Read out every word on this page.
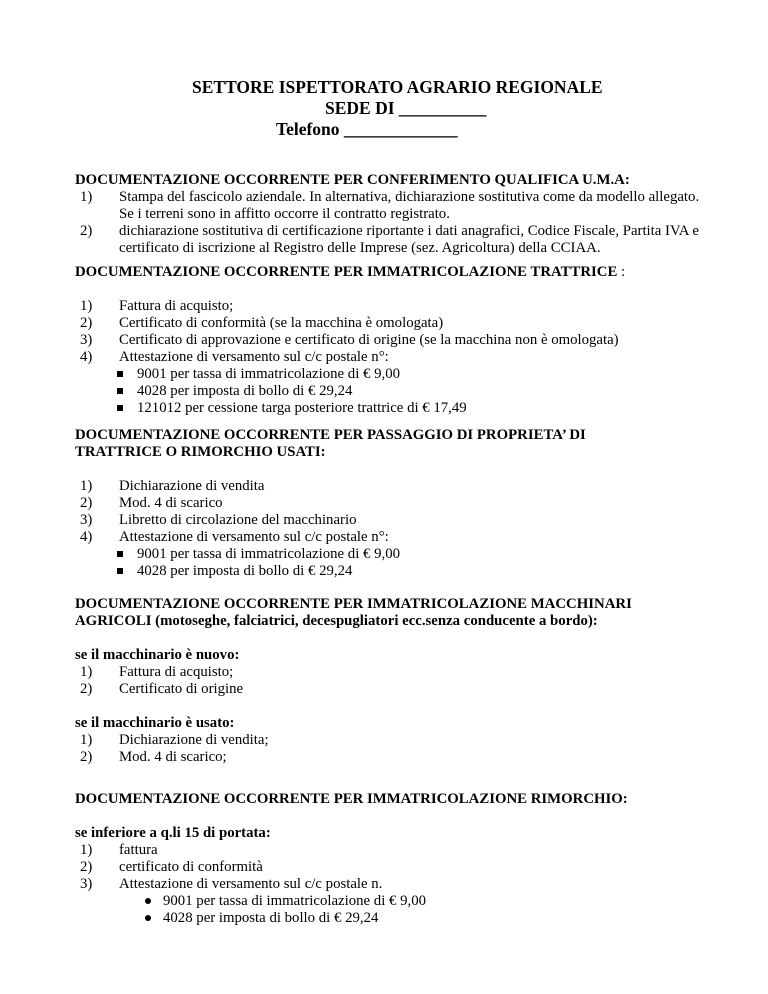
SETTORE ISPETTORATO AGRARIO REGIONALE
SEDE DI __________
Telefono _____________
DOCUMENTAZIONE OCCORRENTE PER CONFERIMENTO QUALIFICA U.M.A:
1) Stampa del fascicolo aziendale. In alternativa, dichiarazione sostitutiva come da modello allegato. Se i terreni sono in affitto occorre il contratto registrato.
2) dichiarazione sostitutiva di certificazione riportante i dati anagrafici, Codice Fiscale, Partita IVA e certificato di iscrizione al Registro delle Imprese (sez. Agricoltura) della CCIAA.
DOCUMENTAZIONE OCCORRENTE PER IMMATRICOLAZIONE TRATTRICE :
1) Fattura di acquisto;
2) Certificato di conformità (se la macchina è omologata)
3) Certificato di approvazione e certificato di origine (se la macchina non è omologata)
4) Attestazione di versamento sul c/c postale n°:
9001 per tassa di immatricolazione di € 9,00
4028 per imposta di bollo di € 29,24
121012 per cessione targa posteriore trattrice di € 17,49
DOCUMENTAZIONE OCCORRENTE PER PASSAGGIO DI PROPRIETA’ DI
TRATTRICE O RIMORCHIO USATI:
1) Dichiarazione di vendita
2) Mod. 4 di scarico
3) Libretto di circolazione del macchinario
4) Attestazione di versamento sul c/c postale n°:
9001 per tassa di immatricolazione di € 9,00
4028 per imposta di bollo di € 29,24
DOCUMENTAZIONE OCCORRENTE PER IMMATRICOLAZIONE MACCHINARI
AGRICOLI (motoseghe, falciatrici, decespugliatori ecc.senza conducente a bordo):
se il macchinario è nuovo:
1) Fattura di acquisto;
2) Certificato di origine
se il macchinario è usato:
1) Dichiarazione di vendita;
2) Mod. 4 di scarico;
DOCUMENTAZIONE OCCORRENTE PER IMMATRICOLAZIONE RIMORCHIO:
se inferiore a q.li 15 di portata:
1) fattura
2) certificato di conformità
3) Attestazione di versamento sul c/c postale n.
9001 per tassa di immatricolazione di € 9,00
4028 per imposta di bollo di € 29,24
